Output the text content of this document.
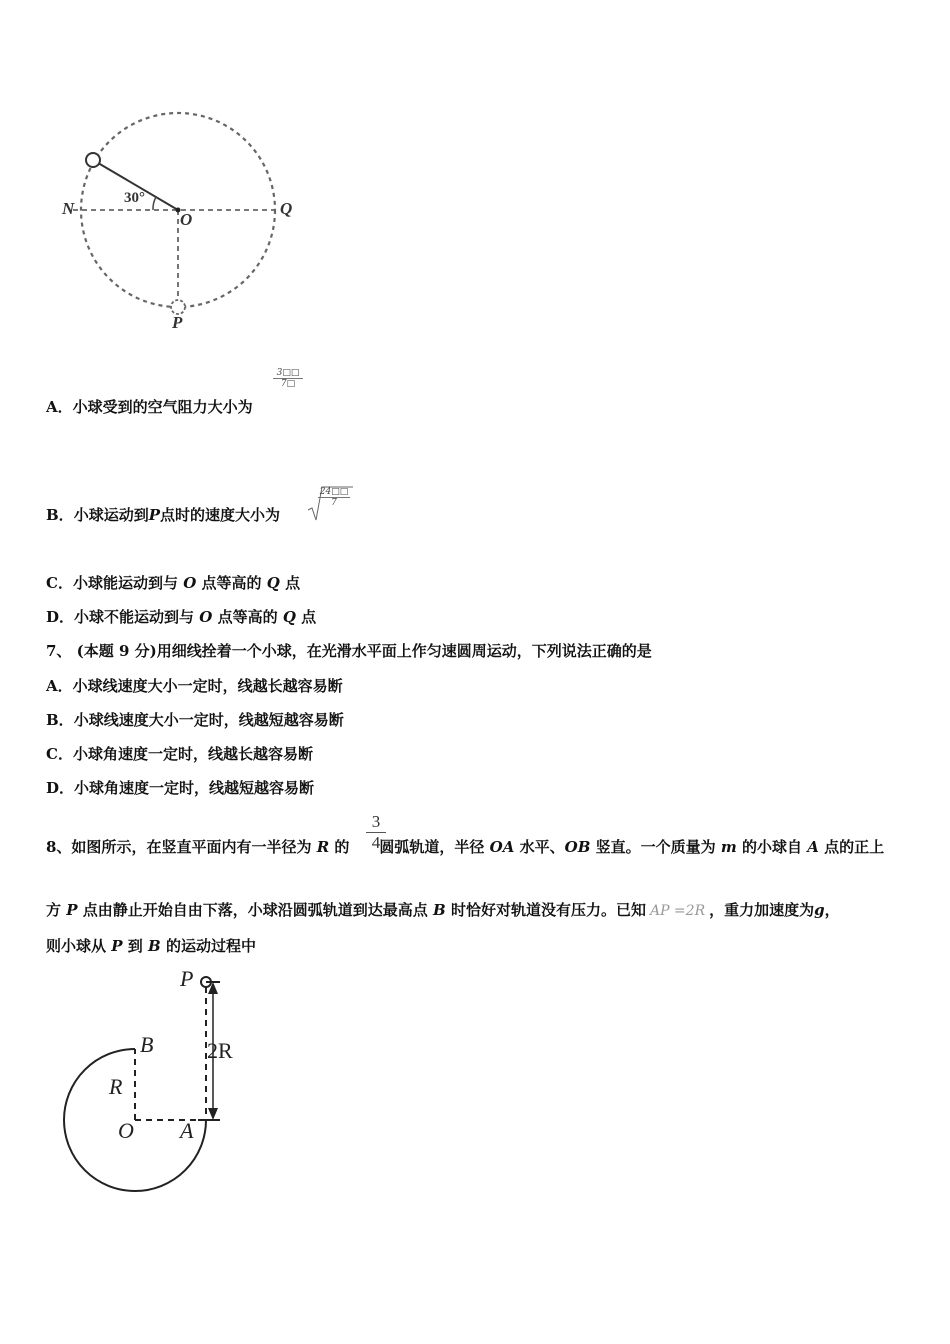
30°
N
O
Q
P
$\frac{3□□}{7□}$
A．小球受到的空气阻力大小为
B．小球运动到P点时的速度大小为
$\frac{24□□}{7}$
C．小球能运动到与 O 点等高的 Q 点
D．小球不能运动到与 O 点等高的 Q 点
7、 (本题 9 分)用细线拴着一个小球，在光滑水平面上作匀速圆周运动，下列说法正确的是
A．小球线速度大小一定时，线越长越容易断
B．小球线速度大小一定时，线越短越容易断
C．小球角速度一定时，线越长越容易断
D．小球角速度一定时，线越短越容易断
$\frac{3}{4}$
8、如图所示，在竖直平面内有一半径为 R 的 圆弧轨道，半径 OA 水平、OB 竖直。一个质量为 m 的小球自 A 点的正上
方 P 点由静止开始自由下落，小球沿圆弧轨道到达最高点 B 时恰好对轨道没有压力。已知 AP =2R ，重力加速度为g，
则小球从 P 到 B 的运动过程中
P
B 2R
R
O A
